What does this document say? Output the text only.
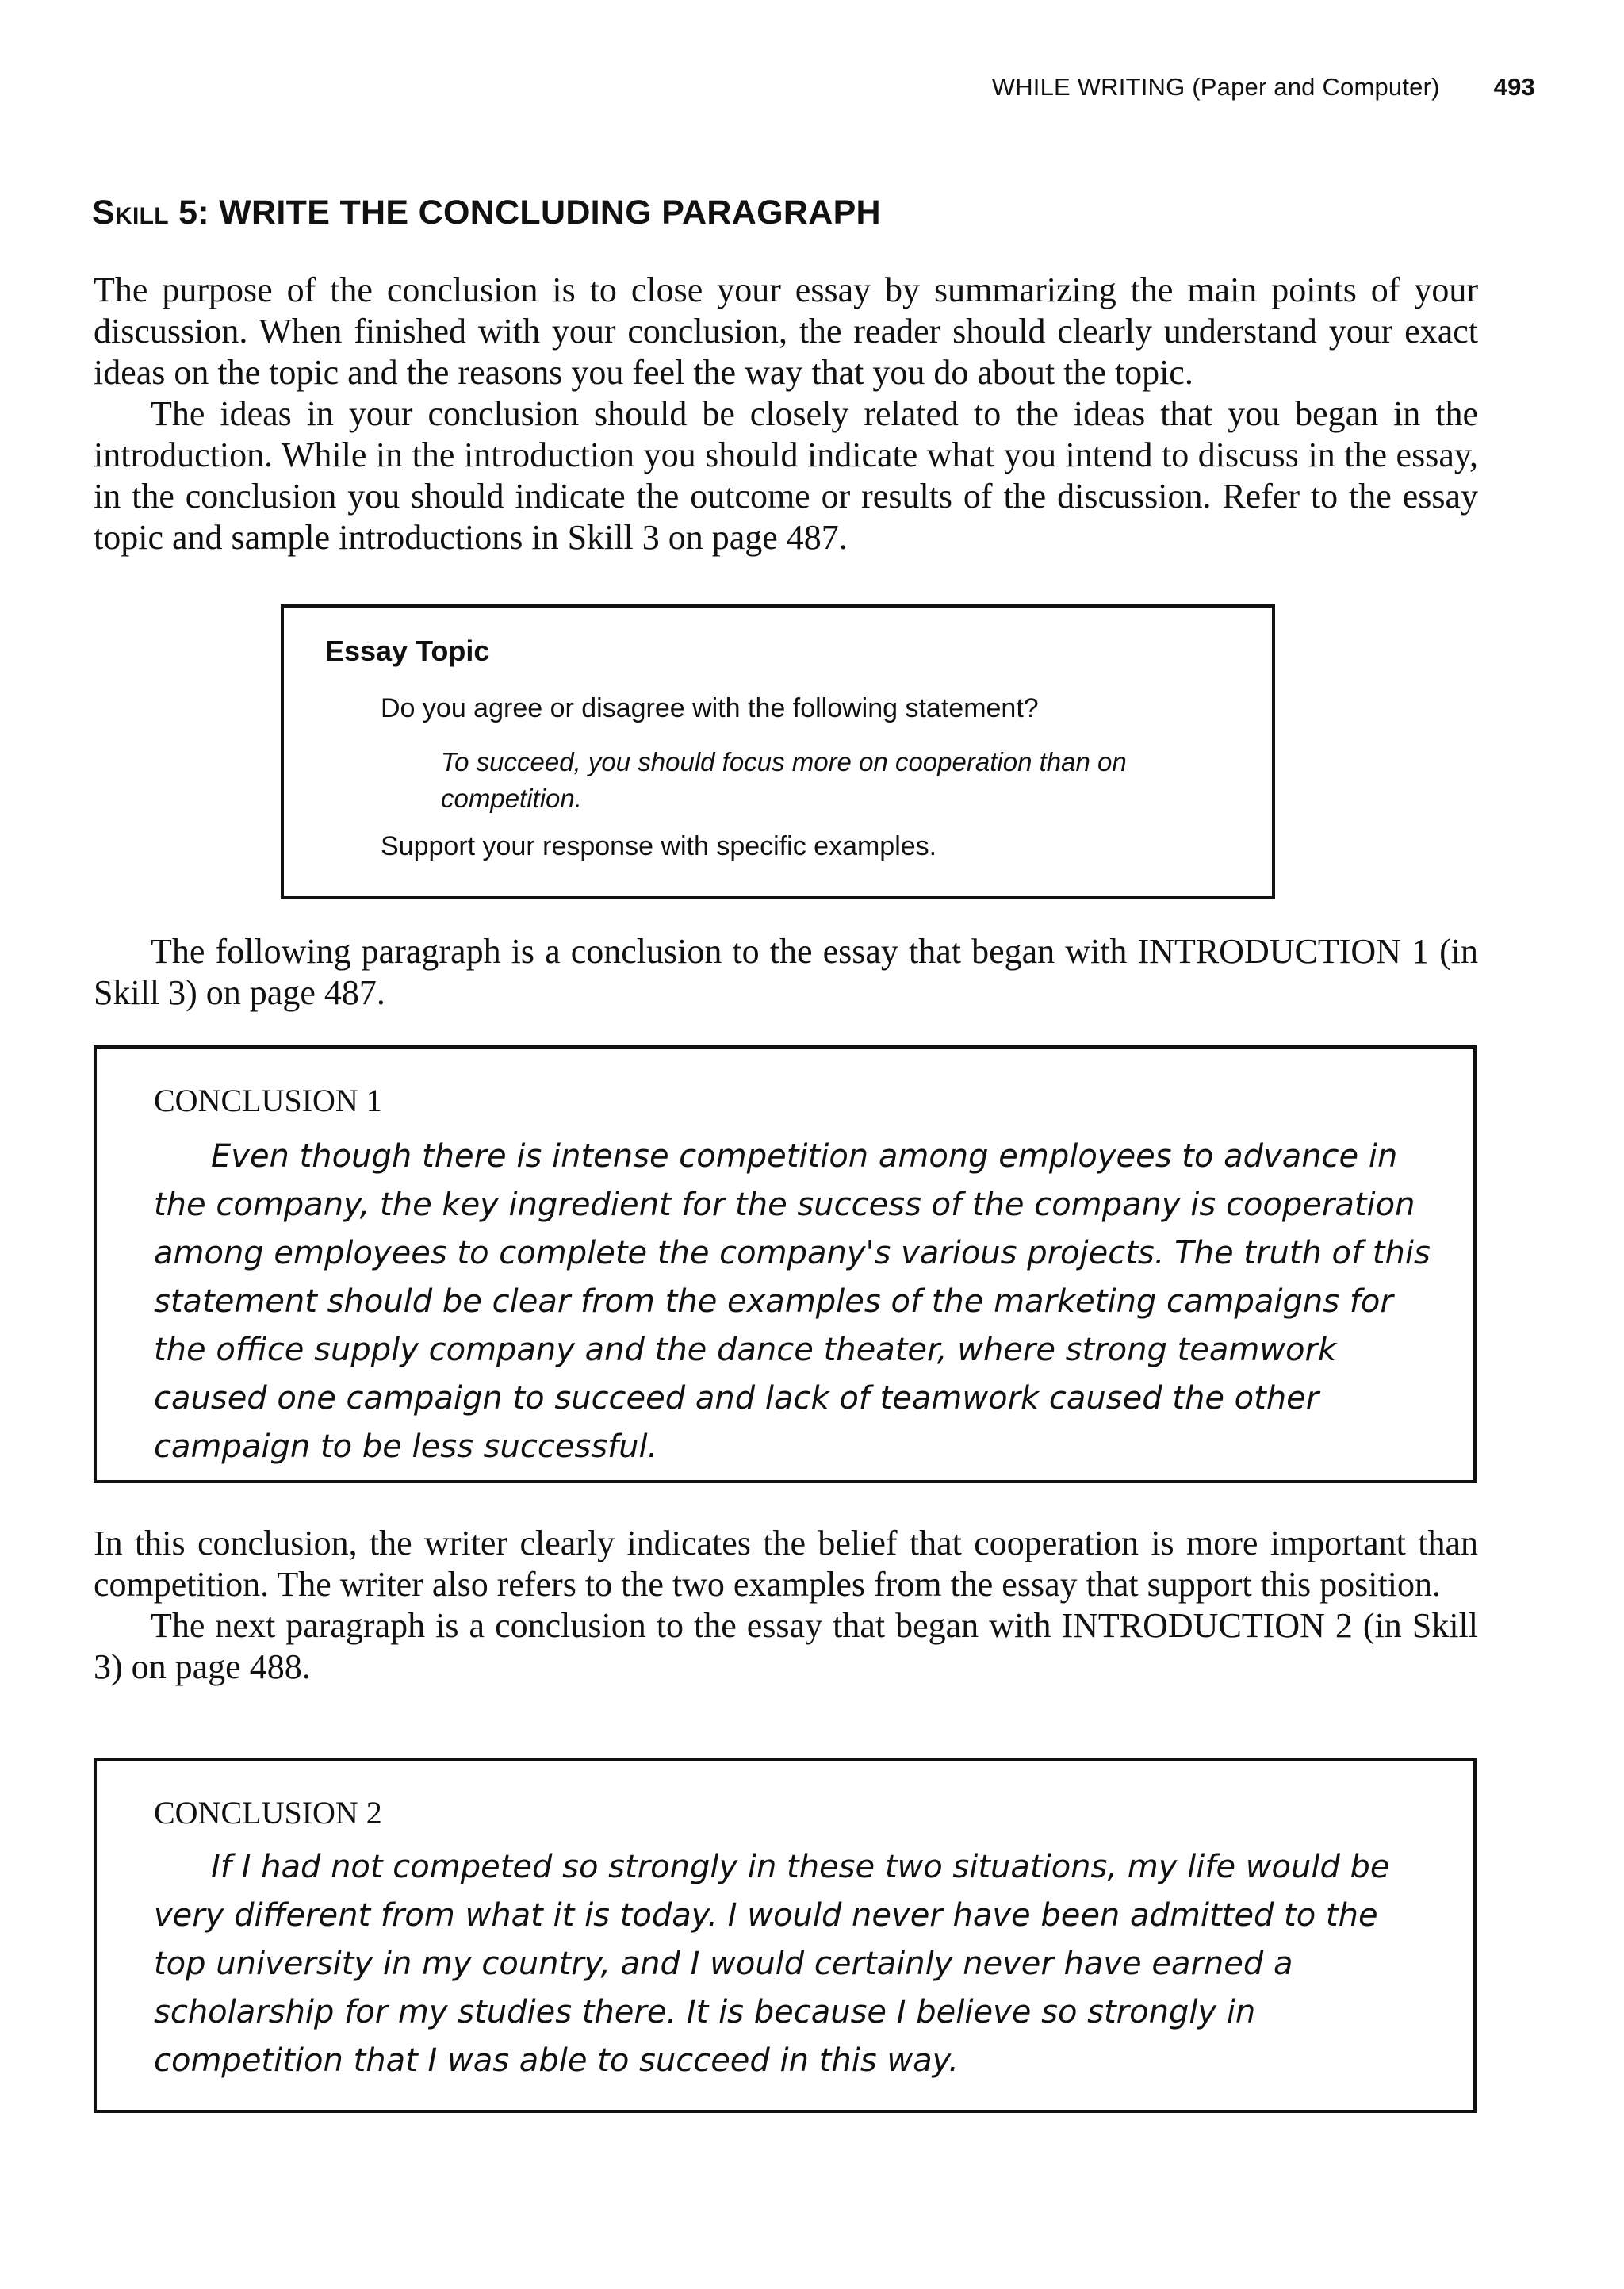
WHILE WRITING (Paper and Computer) 493
Skill 5: WRITE THE CONCLUDING PARAGRAPH

The purpose of the conclusion is to close your essay by summarizing the main points of your discussion. When finished with your conclusion, the reader should clearly understand your exact ideas on the topic and the reasons you feel the way that you do about the topic.

The ideas in your conclusion should be closely related to the ideas that you began in the introduction. While in the introduction you should indicate what you intend to discuss in the essay, in the conclusion you should indicate the outcome or results of the discussion. Refer to the essay topic and sample introductions in Skill 3 on page 487.

Essay Topic

Do you agree or disagree with the following statement?

To succeed, you should focus more on cooperation than on competition.

Support your response with specific examples.

The following paragraph is a conclusion to the essay that began with INTRODUCTION 1 (in Skill 3) on page 487.

CONCLUSION 1

Even though there is intense competition among employees to advance in the company, the key ingredient for the success of the company is cooperation among employees to complete the company's various projects. The truth of this statement should be clear from the examples of the marketing campaigns for the office supply company and the dance theater, where strong teamwork caused one campaign to succeed and lack of teamwork caused the other campaign to be less successful.

In this conclusion, the writer clearly indicates the belief that cooperation is more important than competition. The writer also refers to the two examples from the essay that support this position.

The next paragraph is a conclusion to the essay that began with INTRODUCTION 2 (in Skill 3) on page 488.

CONCLUSION 2

If I had not competed so strongly in these two situations, my life would be very different from what it is today. I would never have been admitted to the top university in my country, and I would certainly never have earned a scholarship for my studies there. It is because I believe so strongly in competition that I was able to succeed in this way.
